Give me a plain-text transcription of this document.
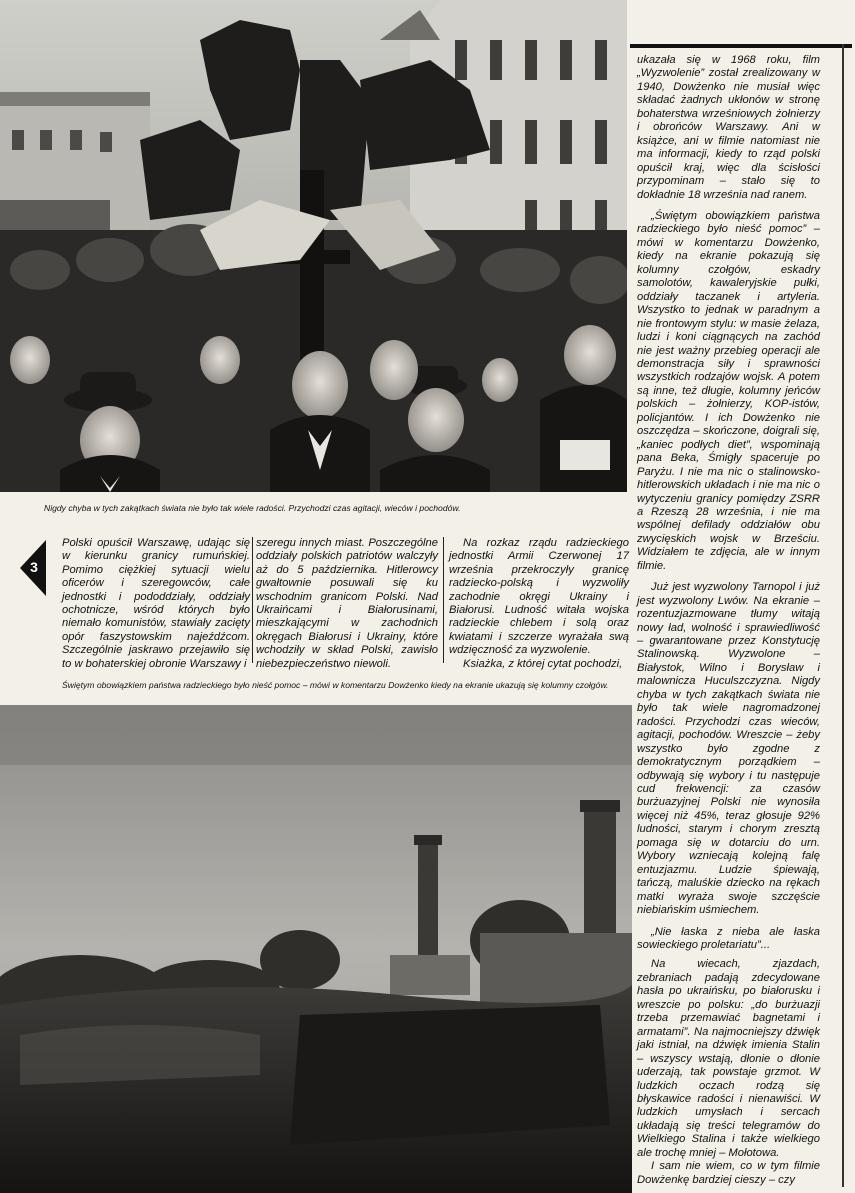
Nigdy chyba w tych zakątkach świata nie było tak wiele radości. Przychodzi czas agitacji, wieców i pochodów.
3

Polski opuścił Warszawę, udając się w kierunku granicy rumuńskiej. Pomimo ciężkiej sytuacji wielu oficerów i szeregowców, całe jednostki i pododdziały, oddziały ochotnicze, wśród których było niemało komunistów, stawiały zacięty opór faszystowskim najeźdźcom. Szczególnie jaskrawo przejawiło się to w bohaterskiej obronie Warszawy i

szeregu innych miast. Poszczególne oddziały polskich patriotów walczyły aż do 5 października. Hitlerowcy gwałtownie posuwali się ku wschodnim granicom Polski. Nad Ukraińcami i Białorusinami, mieszkającymi w zachodnich okręgach Białorusi i Ukrainy, które wchodziły w skład Polski, zawisło niebezpieczeństwo niewoli.

Na rozkaz rządu radzieckiego jednostki Armii Czerwonej 17 września przekroczyły granicę radziecko-polską i wyzwoliły zachodnie okręgi Ukrainy i Białorusi. Ludność witała wojska radzieckie chlebem i solą oraz kwiatami i szczerze wyrażała swą wdzięczność za wyzwolenie.

Ksiażka, z której cytat pochodzi,

Świętym obowiązkiem państwa radzieckiego było nieść pomoc – mówi w komentarzu Dowżenko kiedy na ekranie ukazują się kolumny czołgów.

ukazała się w 1968 roku, film „Wyzwolenie” został zrealizowany w 1940, Dowżenko nie musiał więc składać żadnych ukłonów w stronę bohaterstwa wrześniowych żołnierzy i obrońców Warszawy. Ani w książce, ani w filmie natomiast nie ma informacji, kiedy to rząd polski opuścił kraj, więc dla ścisłości przypominam – stało się to dokładnie 18 września nad ranem.

„Świętym obowiązkiem państwa radzieckiego było nieść pomoc” – mówi w komentarzu Dowżenko, kiedy na ekranie pokazują się kolumny czołgów, eskadry samolotów, kawaleryjskie pułki, oddziały taczanek i artyleria. Wszystko to jednak w paradnym a nie frontowym stylu: w masie żelaza, ludzi i koni ciągnących na zachód nie jest ważny przebieg operacji ale demonstracja siły i sprawności wszystkich rodzajów wojsk. A potem są inne, też długie, kolumny jeńców polskich – żołnierzy, KOP-istów, policjantów. I ich Dowżenko nie oszczędza – skończone, doigrali się, „kaniec podłych diet”, wspominają pana Beka, Śmigły spaceruje po Paryżu. I nie ma nic o stalinowsko-hitlerowskich układach i nie ma nic o wytyczeniu granicy pomiędzy ZSRR a Rzeszą 28 września, i nie ma wspólnej defilady oddziałów obu zwycięskich wojsk w Brześciu. Widziałem te zdjęcia, ale w innym filmie.

Już jest wyzwolony Tarnopol i już jest wyzwolony Lwów. Na ekranie – rozentuzjazmowane tłumy witają nowy ład, wolność i sprawiedliwość – gwarantowane przez Konstytucję Stalinowską. Wyzwolone – Białystok, Wilno i Borysław i malownicza Huculszczyzna. Nigdy chyba w tych zakątkach świata nie było tak wiele nagromadzonej radości. Przychodzi czas wieców, agitacji, pochodów. Wreszcie – żeby wszystko było zgodne z demokratycznym porządkiem – odbywają się wybory i tu następuje cud frekwencji: za czasów burżuazyjnej Polski nie wynosiła więcej niż 45%, teraz głosuje 92% ludności, starym i chorym zresztą pomaga się w dotarciu do urn. Wybory wzniecają kolejną falę entuzjazmu. Ludzie śpiewają, tańczą, maluśkie dziecko na rękach matki wyraża swoje szczęście niebiańskim uśmiechem.

„Nie łaska z nieba ale łaska sowieckiego proletariatu”...

Na wiecach, zjazdach, zebraniach padają zdecydowane hasła po ukraińsku, po białorusku i wreszcie po polsku: „do burżuazji trzeba przemawiać bagnetami i armatami”. Na najmocniejszy dźwięk jaki istniał, na dźwięk imienia Stalin – wszyscy wstają, dłonie o dłonie uderzają, tak powstaje grzmot. W ludzkich oczach rodzą się błyskawice radości i nienawiści. W ludzkich umysłach i sercach układają się treści telegramów do Wielkiego Stalina i także wielkiego ale trochę mniej – Mołotowa.

I sam nie wiem, co w tym filmie Dowżenkę bardziej cieszy – czy
